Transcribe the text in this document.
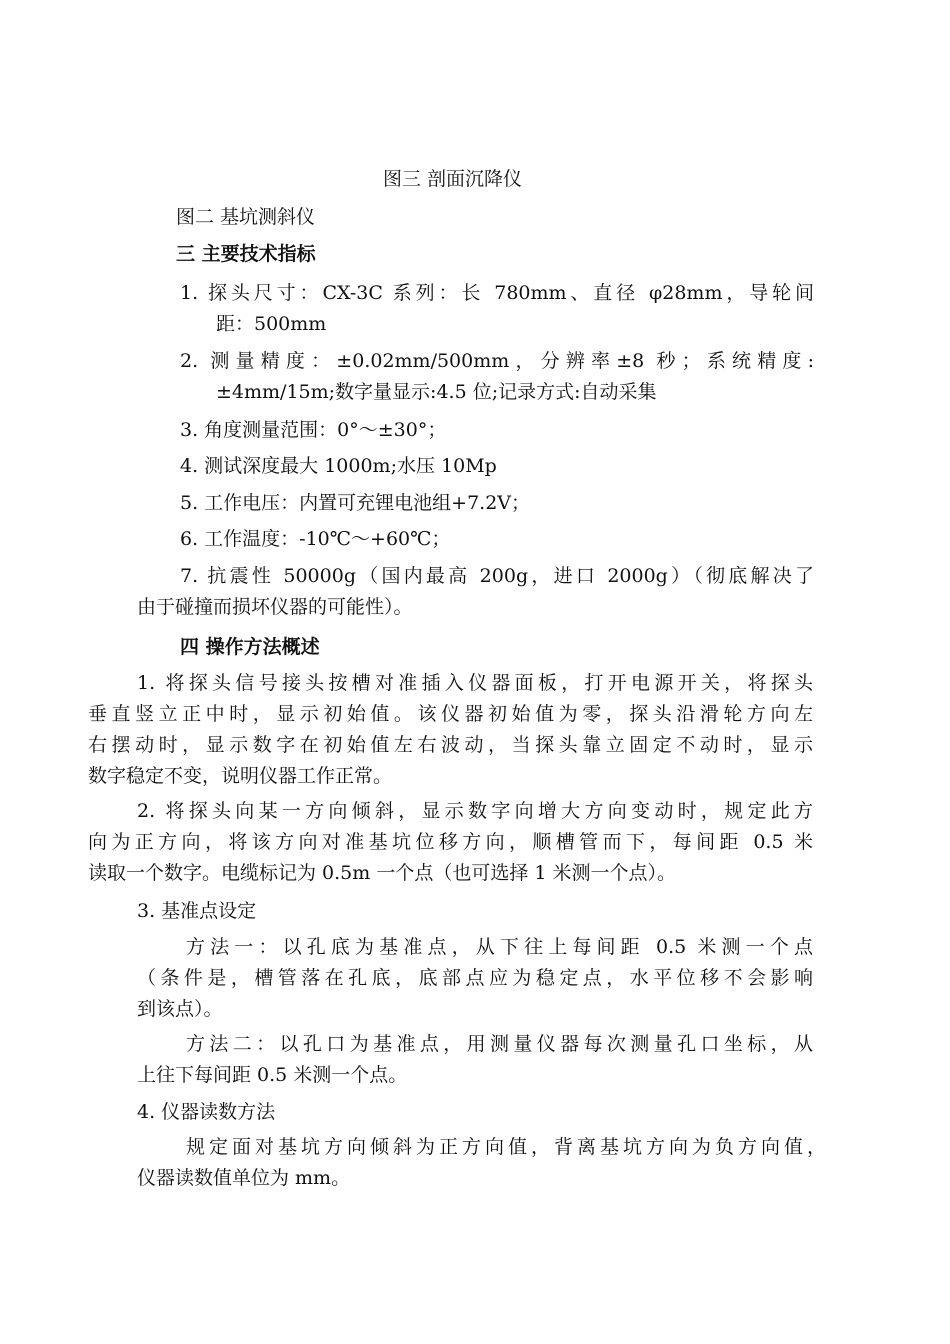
图三 剖面沉降仪
图二 基坑测斜仪
三 主要技术指标
1. 探头尺寸：CX-3C 系列：长 780mm、直径 φ28mm，导轮间
距：500mm
2. 测量精度：±0.02mm/500mm，分辨率±8 秒；系统精度:
±4mm/15m;数字量显示:4.5 位;记录方式:自动采集
3. 角度测量范围：0°～±30°；
4. 测试深度最大 1000m;水压 10Mp
5. 工作电压：内置可充锂电池组+7.2V；
6. 工作温度：-10℃～+60℃；
7. 抗震性 50000g（国内最高 200g，进口 2000g）（彻底解决了
由于碰撞而损坏仪器的可能性）。
四 操作方法概述
1. 将探头信号接头按槽对准插入仪器面板，打开电源开关，将探头
垂直竖立正中时，显示初始值。该仪器初始值为零，探头沿滑轮方向左
右摆动时，显示数字在初始值左右波动，当探头靠立固定不动时，显示
数字稳定不变，说明仪器工作正常。
2. 将探头向某一方向倾斜，显示数字向增大方向变动时，规定此方
向为正方向，将该方向对准基坑位移方向，顺槽管而下，每间距 0.5 米
读取一个数字。电缆标记为 0.5m 一个点（也可选择 1 米测一个点）。
3. 基准点设定
方法一：以孔底为基准点，从下往上每间距 0.5 米测一个点
（条件是，槽管落在孔底，底部点应为稳定点，水平位移不会影响
到该点）。
方法二：以孔口为基准点，用测量仪器每次测量孔口坐标，从
上往下每间距 0.5 米测一个点。
4. 仪器读数方法
规定面对基坑方向倾斜为正方向值，背离基坑方向为负方向值，
仪器读数值单位为 mm。
